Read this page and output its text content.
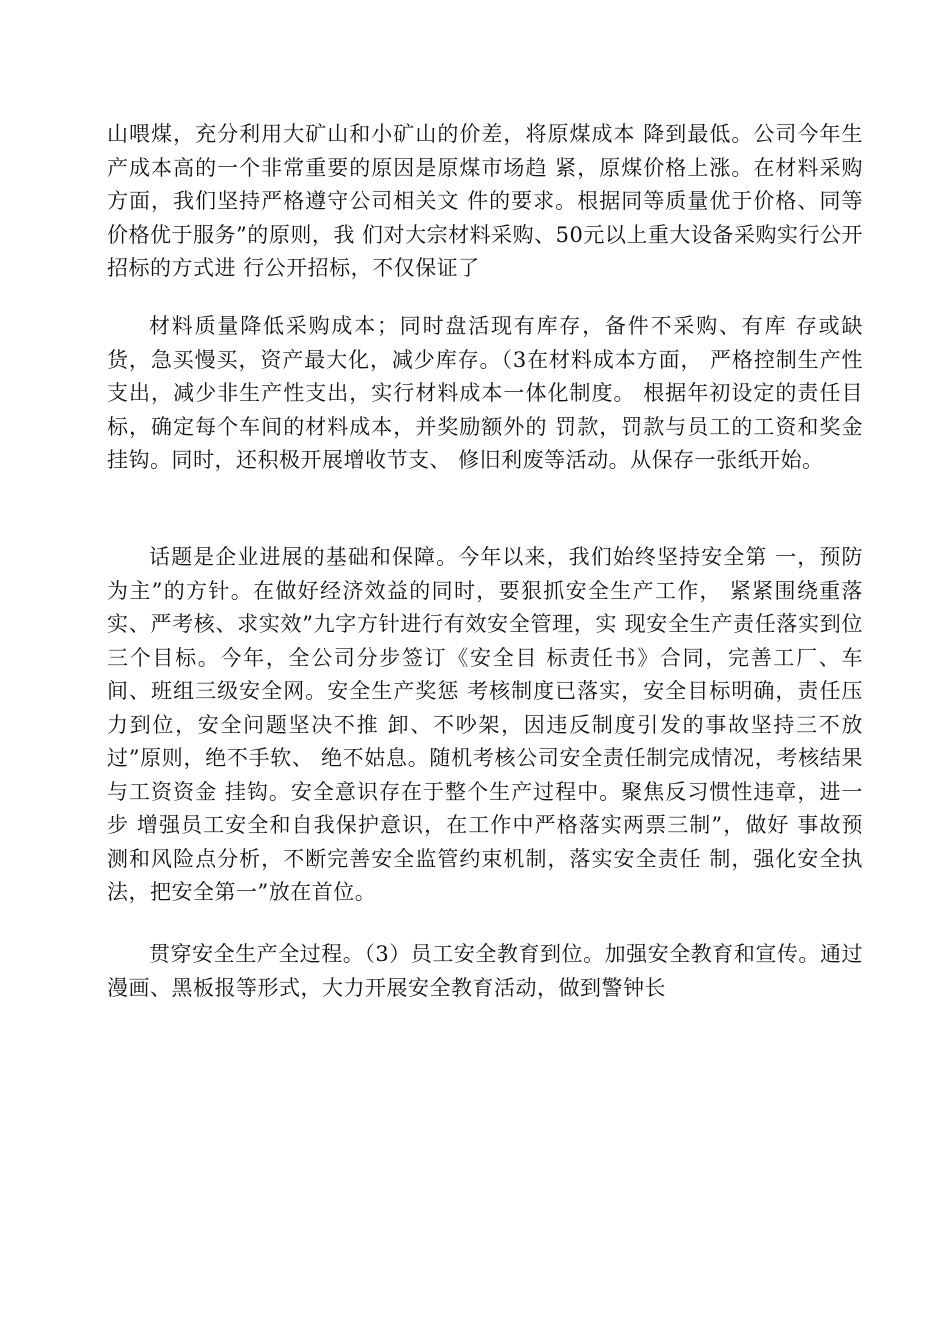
山喂煤，充分利用大矿山和小矿山的价差，将原煤成本 降到最低。公司今年生产成本高的一个非常重要的原因是原煤市场趋 紧，原煤价格上涨。在材料采购方面，我们坚持严格遵守公司相关文 件的要求。根据同等质量优于价格、同等价格优于服务”的原则，我 们对大宗材料采购、50元以上重大设备采购实行公开招标的方式进 行公开招标，不仅保证了

材料质量降低采购成本；同时盘活现有库存，备件不采购、有库 存或缺货，急买慢买，资产最大化，减少库存。（3在材料成本方面， 严格控制生产性支出，减少非生产性支出，实行材料成本一体化制度。 根据年初设定的责任目标，确定每个车间的材料成本，并奖励额外的 罚款，罚款与员工的工资和奖金挂钩。同时，还积极开展增收节支、 修旧利废等活动。从保存一张纸开始。

话题是企业进展的基础和保障。今年以来，我们始终坚持安全第 一，预防为主”的方针。在做好经济效益的同时，要狠抓安全生产工作， 紧紧围绕重落实、严考核、求实效”九字方针进行有效安全管理，实 现安全生产责任落实到位三个目标。今年，全公司分步签订《安全目 标责任书》合同，完善工厂、车间、班组三级安全网。安全生产奖惩 考核制度已落实，安全目标明确，责任压力到位，安全问题坚决不推 卸、不吵架，因违反制度引发的事故坚持三不放过”原则，绝不手软、 绝不姑息。随机考核公司安全责任制完成情况，考核结果与工资资金 挂钩。安全意识存在于整个生产过程中。聚焦反习惯性违章，进一步 增强员工安全和自我保护意识，在工作中严格落实两票三制”，做好 事故预测和风险点分析，不断完善安全监管约束机制，落实安全责任 制，强化安全执法，把安全第一”放在首位。

贯穿安全生产全过程。（3）员工安全教育到位。加强安全教育和宣传。通过漫画、黑板报等形式，大力开展安全教育活动，做到警钟长
